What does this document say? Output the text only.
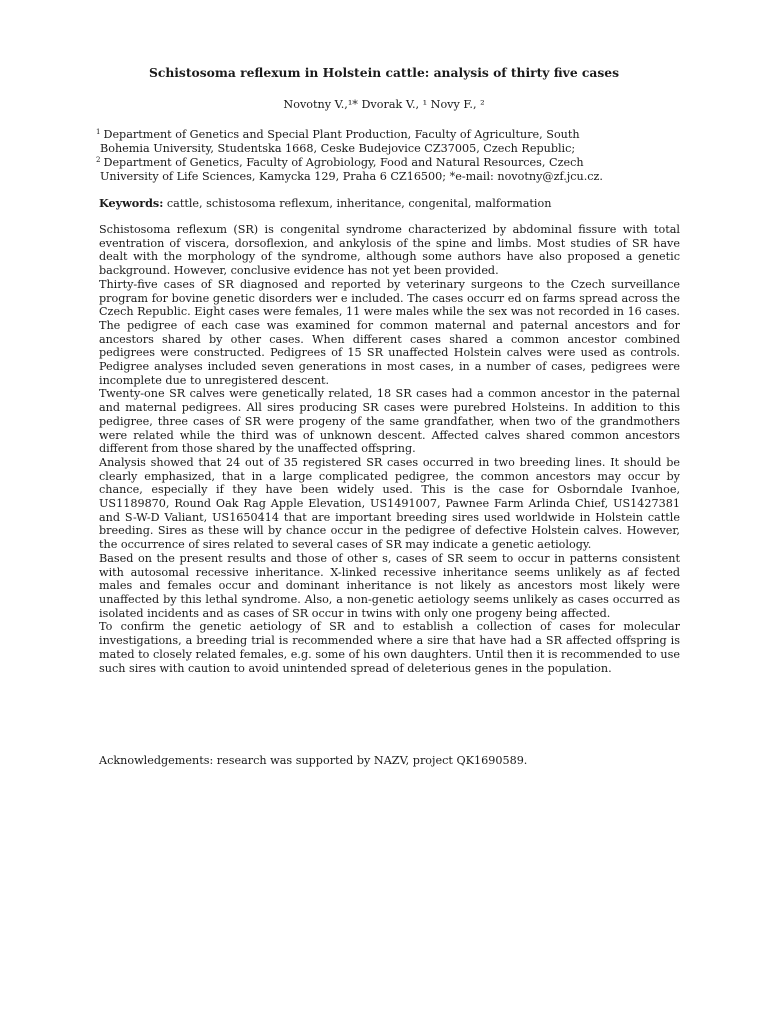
Schistosoma reflexum in Holstein cattle: analysis of thirty five cases
Novotny V.,¹* Dvorak V., ¹ Novy F., ²
$^1$ Department of Genetics and Special Plant Production, Faculty of Agriculture, South
Bohemia University, Studentska 1668, Ceske Budejovice CZ37005, Czech Republic;
$^2$ Department of Genetics, Faculty of Agrobiology, Food and Natural Resources, Czech
University of Life Sciences, Kamycka 129, Praha 6 CZ16500; *e-mail: novotny@zf.jcu.cz.
Keywords: cattle, schistosoma reflexum, inheritance, congenital, malformation

Schistosoma reflexum (SR) is congenital syndrome characterized by abdominal fissure with total eventration of viscera, dorsoflexion, and ankylosis of the spine and limbs. Most studies of SR have dealt with the morphology of the syndrome, although some authors have also proposed a genetic background. However, conclusive evidence has not yet been provided.

Thirty-five cases of SR diagnosed and reported by veterinary surgeons to the Czech surveillance program for bovine genetic disorders wer e included. The cases occurr ed on farms spread across the Czech Republic. Eight cases were females, 11 were males while the sex was not recorded in 16 cases. The pedigree of each case was examined for common maternal and paternal ancestors and for ancestors shared by other cases. When different cases shared a common ancestor combined pedigrees were constructed. Pedigrees of 15 SR unaffected Holstein calves were used as controls. Pedigree analyses included seven generations in most cases, in a number of cases, pedigrees were incomplete due to unregistered descent.

Twenty-one SR calves were genetically related, 18 SR cases had a common ancestor in the paternal and maternal pedigrees. All sires producing SR cases were purebred Holsteins. In addition to this pedigree, three cases of SR were progeny of the same grandfather, when two of the grandmothers were related while the third was of unknown descent. Affected calves shared common ancestors different from those shared by the unaffected offspring.

Analysis showed that 24 out of 35 registered SR cases occurred in two breeding lines. It should be clearly emphasized, that in a large complicated pedigree, the common ancestors may occur by chance, especially if they have been widely used. This is the case for Osborndale Ivanhoe, US1189870, Round Oak Rag Apple Elevation, US1491007, Pawnee Farm Arlinda Chief, US1427381 and S-W-D Valiant, US1650414 that are important breeding sires used worldwide in Holstein cattle breeding. Sires as these will by chance occur in the pedigree of defective Holstein calves. However, the occurrence of sires related to several cases of SR may indicate a genetic aetiology.

Based on the present results and those of other s, cases of SR seem to occur in patterns consistent with autosomal recessive inheritance. X-linked recessive inheritance seems unlikely as af fected males and females occur and dominant inheritance is not likely as ancestors most likely were unaffected by this lethal syndrome. Also, a non-genetic aetiology seems unlikely as cases occurred as isolated incidents and as cases of SR occur in twins with only one progeny being affected.

To confirm the genetic aetiology of SR and to establish a collection of cases for molecular investigations, a breeding trial is recommended where a sire that have had a SR affected offspring is mated to closely related females, e.g. some of his own daughters. Until then it is recommended to use such sires with caution to avoid unintended spread of deleterious genes in the population.

Acknowledgements: research was supported by NAZV, project QK1690589.
